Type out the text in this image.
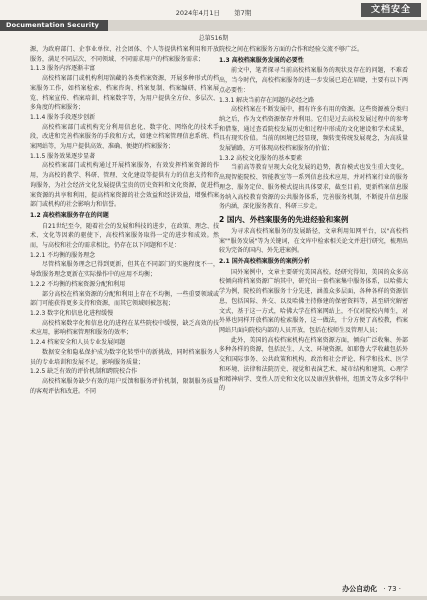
2024年4月1日 第7期	文档安全
Documentation Security
总第516期

源，为政府部门、企事业单位、社会团体、个人等提供档案利用和开放服务，满足不同层次、不同领域、不同需求用户的档案服务需求；

1.1.3 服务内容逐渐丰富

高校档案部门或机构利用馆藏的各类档案资源，开展多种形式的档案服务工作，如档案检索、档案咨询、档案复制、档案编研、档案展览、档案宣传、档案培训、档案数字等，为用户提供全方位、多层次、多角度的档案服务；

1.1.4 服务手段逐步创新

高校档案部门或机构充分利用信息化、数字化、网络化的技术手段，改进和完善档案服务的手段和方式，如建立档案管理信息系统、档案网站等，为用户提供高效、准确、便捷的档案服务；

1.1.5 服务效果逐步显著

高校档案部门或机构通过开展档案服务，有效发挥档案资源的作用，为高校的教学、科研、管理、文化建设等提供有力的信息支持和咨询服务，为社会经济文化发展提供宝贵的历史资料和文化资源，促进档案资源的共享和利用，提高档案资源的社会效益和经济效益，增强档案部门或机构的社会影响力和信誉。

1.2 高校档案服务存在的问题

自21世纪至今，随着社会的发展和科技的进步，在政策、理念、技术、文化等因素的驱使下，高校档案服务取得一定的进步和成效。然而，与高校和社会的需求相比，仍存在以下问题和不足：

1.2.1 不均衡的服务理念

尽管档案服务理念已得到更新，但其在不同部门的实施程度不一，导致服务理念更新在实际操作中的应用不均衡；

1.2.2 不均衡的档案资源分配和利用

部分高校在档案资源的分配和利用上存在不均衡，一些重要领域或部门可能获得更多支持和资源，而其它领域则被忽视；

1.2.3 数字化和信息化进程缓慢

高校档案数字化和信息化的进程在某些院校中缓慢，缺乏高效的技术应用，影响档案管理和服务的效率；

1.2.4 档案安全和人员专业发展问题

数据安全和隐私保护成为数字化转型中的新挑战，同时档案服务人员的专业培训和发展不足，影响服务质量；

1.2.5 缺乏有效的评价机制和跨院校合作

高校档案服务缺少有效的用户反馈和服务评价机制，限制服务质量的客观评估和改进。不同

院校之间在档案服务方面的合作和经验交流不够广泛。

1.3 高校档案服务发展的必要性

前文中，笔者探寻当前高校档案服务的现状及存在的问题，不难看出，当今时代，高校档案服务的进一步发展已迫在眉睫，主要有以下两点必要性：

1.3.1 解决当前存在问题的必经之路

高校档案在不断发展中，拥有许多有用的资源。这些资源被分类归纳之后，作为文档资源保存并利用。它们是过去高校发展过程中的参考和借鉴，通过查看院校发展历史和过程中形成的文化建设和学术成果，具有现实价值。当前的困境已经显现，频转变传统发展观念，为高质量发展铺路，方可体现高校档案服务的价值；

1.3.2 高校文化服务的基本要素

当前高等教育呈现大众化发展的趋势，教育模式也发生重大变化，出现智能院校、智能教室等一系列信息技术应用，并对档案行业的服务理念、服务定位、服务模式提出具体要求，截至目前，更新档案信息服务纳入高校教育资源的公共服务体系，完善服务机制，不断提升信息服务内涵，深化服务教育、科研三步走。

2 国内、外档案服务的先进经验和案例

为寻求高校档案服务的发展路径，文章利用知网平台，以"高校档案""服务发展"等为关键词，在文库中检索相关论文并进行研究，梳理出较为完备的国内、外先进案例。

2.1 国外高校档案服务的案例分析

国外案例中，文章主要研究美国高校。经研究得知，美国的众多高校倾向将档案资源广纳其中，研究出一套档案集中服务体系，以哈佛大学为例，院校的档案服务十分先进，涵盖众多层面，各种各样的资源信息，包括国际、外交、以及哈佛主持修建的保密资料等，甚至研究解密文式，基于这一方式，哈佛大学在档案网站上，不仅对院校内师生，对外界也同样开放档案的检索服务，这一做法，十分方便了高校教，档案网站只面向院校内部的人员开放，包括在校师生及管理人员；

此外，美国的高校档案机构在档案资源方面，倾向广泛收集、外部多种各样的资源，包括民生、人文、环境资源。如耶鲁大学收藏包括外交和国际事务、公共政策和机构、政治和社会评论、科学和技术、医学和环境、法律和法院历史、视觉和表演艺术、城市结构和建筑、心理学和精神病学、变性人历史和文化以及康涅狄格州，纽黑文等众多学科中的

办公自动化 · 73 ·
